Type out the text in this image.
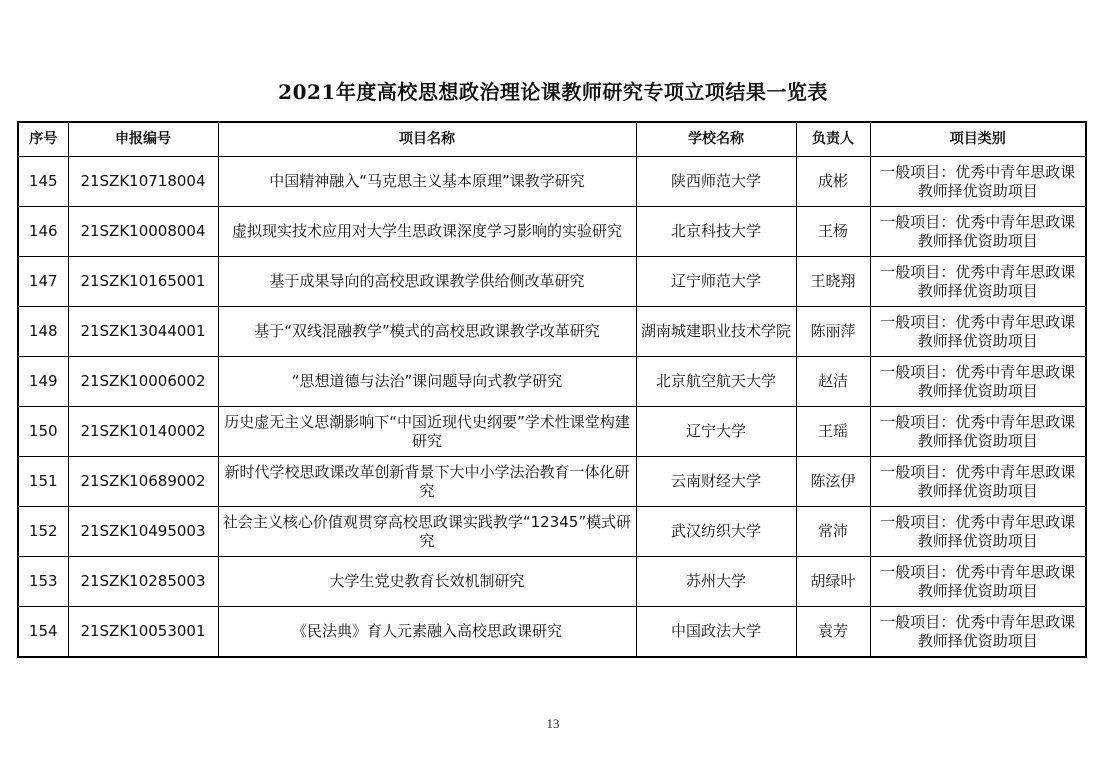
2021年度高校思想政治理论课教师研究专项立项结果一览表
序号	申报编号	项目名称	学校名称	负责人	项目类别
145	21SZK10718004	中国精神融入“马克思主义基本原理”课教学研究	陕西师范大学	成彬	一般项目：优秀中青年思政课教师择优资助项目
146	21SZK10008004	虚拟现实技术应用对大学生思政课深度学习影响的实验研究	北京科技大学	王杨	一般项目：优秀中青年思政课教师择优资助项目
147	21SZK10165001	基于成果导向的高校思政课教学供给侧改革研究	辽宁师范大学	王晓翔	一般项目：优秀中青年思政课教师择优资助项目
148	21SZK13044001	基于“双线混融教学”模式的高校思政课教学改革研究	湖南城建职业技术学院	陈丽萍	一般项目：优秀中青年思政课教师择优资助项目
149	21SZK10006002	“思想道德与法治”课问题导向式教学研究	北京航空航天大学	赵洁	一般项目：优秀中青年思政课教师择优资助项目
150	21SZK10140002	历史虚无主义思潮影响下“中国近现代史纲要”学术性课堂构建研究	辽宁大学	王瑶	一般项目：优秀中青年思政课教师择优资助项目
151	21SZK10689002	新时代学校思政课改革创新背景下大中小学法治教育一体化研究	云南财经大学	陈泫伊	一般项目：优秀中青年思政课教师择优资助项目
152	21SZK10495003	社会主义核心价值观贯穿高校思政课实践教学“12345”模式研究	武汉纺织大学	常沛	一般项目：优秀中青年思政课教师择优资助项目
153	21SZK10285003	大学生党史教育长效机制研究	苏州大学	胡绿叶	一般项目：优秀中青年思政课教师择优资助项目
154	21SZK10053001	《民法典》育人元素融入高校思政课研究	中国政法大学	袁芳	一般项目：优秀中青年思政课教师择优资助项目
13
